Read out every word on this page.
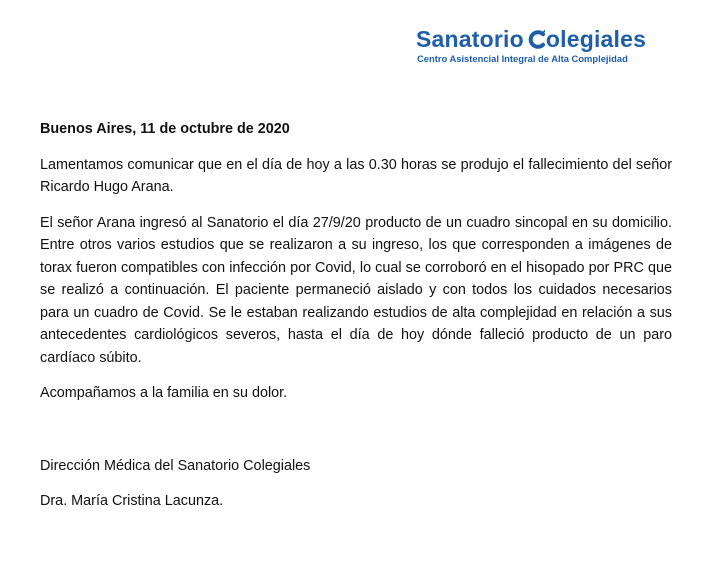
Sanatorio olegiales
Centro Asistencial Integral de Alta Complejidad

Buenos Aires, 11 de octubre de 2020

Lamentamos comunicar que en el día de hoy a las 0.30 horas se produjo el fallecimiento del señor Ricardo Hugo Arana.

El señor Arana ingresó al Sanatorio el día 27/9/20 producto de un cuadro sincopal en su domicilio. Entre otros varios estudios que se realizaron a su ingreso, los que corresponden a imágenes de torax fueron compatibles con infección por Covid, lo cual se corroboró en el hisopado por PRC que se realizó a continuación. El paciente permaneció aislado y con todos los cuidados necesarios para un cuadro de Covid. Se le estaban realizando estudios de alta complejidad en relación a sus antecedentes cardiológicos severos, hasta el día de hoy dónde falleció producto de un paro cardíaco súbito.

Acompañamos a la familia en su dolor.

Dirección Médica del Sanatorio Colegiales

Dra. María Cristina Lacunza.
